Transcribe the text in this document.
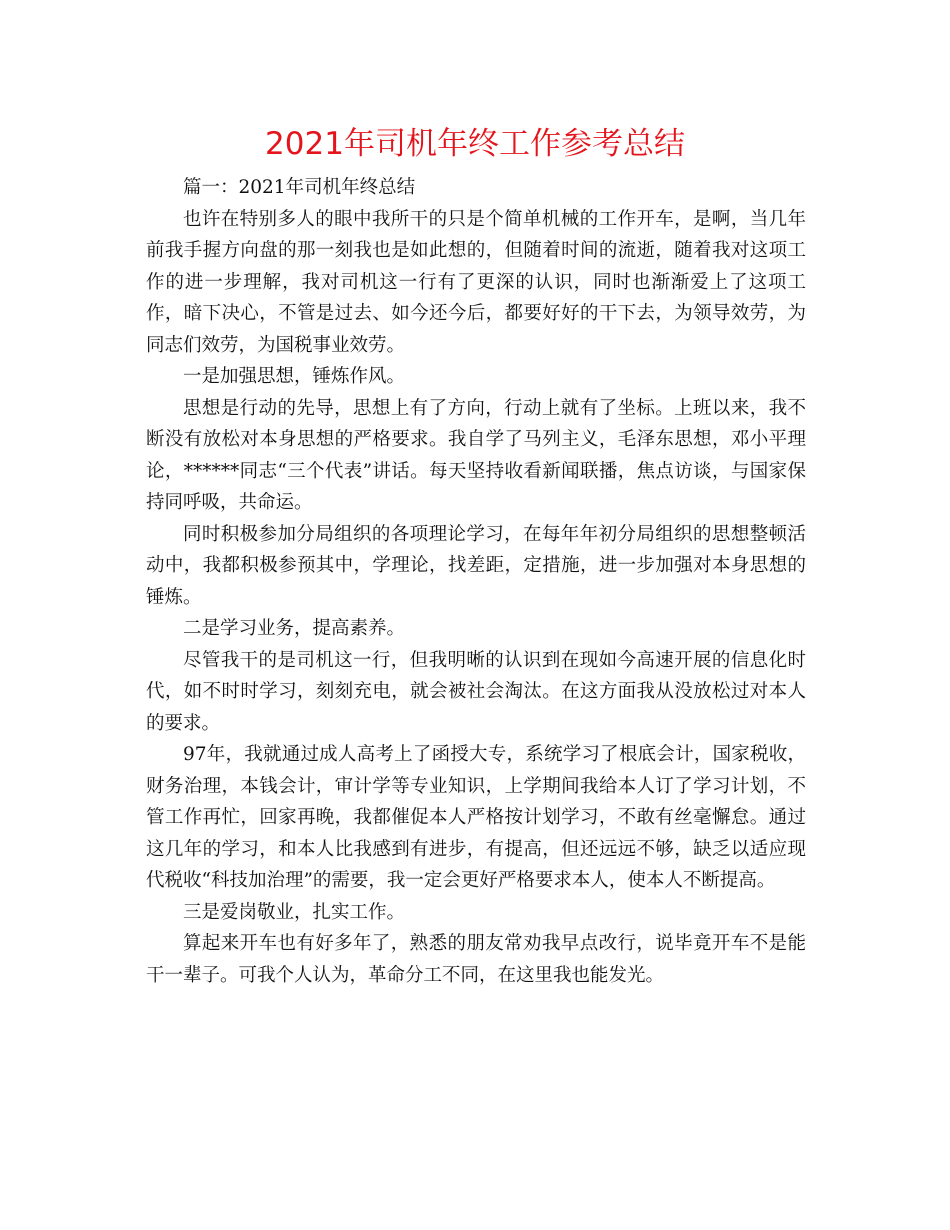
2021年司机年终工作参考总结

篇一：2021年司机年终总结

也许在特别多人的眼中我所干的只是个简单机械的工作开车，是啊，当几年前我手握方向盘的那一刻我也是如此想的，但随着时间的流逝，随着我对这项工作的进一步理解，我对司机这一行有了更深的认识，同时也渐渐爱上了这项工作，暗下决心，不管是过去、如今还今后，都要好好的干下去，为领导效劳，为同志们效劳，为国税事业效劳。

一是加强思想，锤炼作风。

思想是行动的先导，思想上有了方向，行动上就有了坐标。上班以来，我不断没有放松对本身思想的严格要求。我自学了马列主义，毛泽东思想，邓小平理论，******同志“三个代表”讲话。每天坚持收看新闻联播，焦点访谈，与国家保持同呼吸，共命运。

同时积极参加分局组织的各项理论学习，在每年年初分局组织的思想整顿活动中，我都积极参预其中，学理论，找差距，定措施，进一步加强对本身思想的锤炼。

二是学习业务，提高素养。

尽管我干的是司机这一行，但我明晰的认识到在现如今高速开展的信息化时代，如不时时学习，刻刻充电，就会被社会淘汰。在这方面我从没放松过对本人的要求。

97年，我就通过成人高考上了函授大专，系统学习了根底会计，国家税收，财务治理，本钱会计，审计学等专业知识，上学期间我给本人订了学习计划，不管工作再忙，回家再晚，我都催促本人严格按计划学习，不敢有丝毫懈怠。通过这几年的学习，和本人比我感到有进步，有提高，但还远远不够，缺乏以适应现代税收“科技加治理”的需要，我一定会更好严格要求本人，使本人不断提高。

三是爱岗敬业，扎实工作。

算起来开车也有好多年了，熟悉的朋友常劝我早点改行，说毕竟开车不是能干一辈子。可我个人认为，革命分工不同，在这里我也能发光。
